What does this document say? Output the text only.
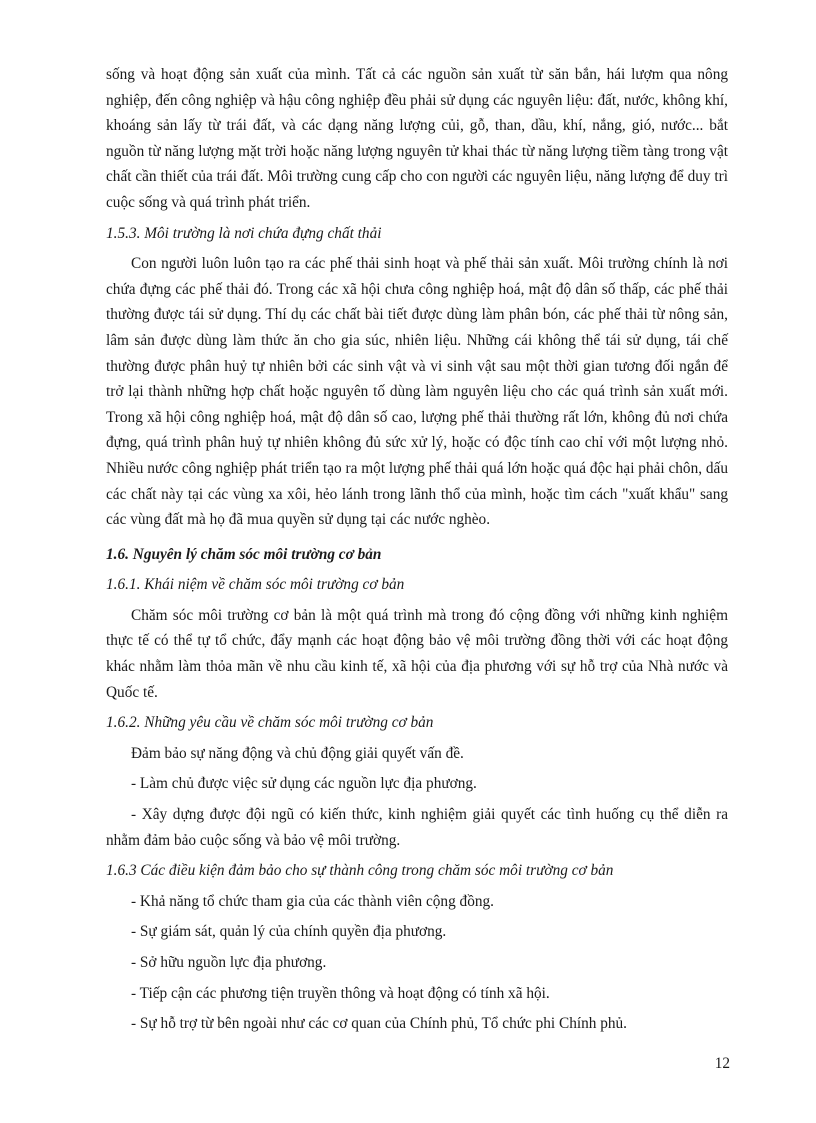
sống và hoạt động sản xuất của mình. Tất cả các nguồn sản xuất từ săn bắn, hái lượm qua nông nghiệp, đến công nghiệp và hậu công nghiệp đều phải sử dụng các nguyên liệu: đất, nước, không khí, khoáng sản lấy từ trái đất, và các dạng năng lượng củi, gỗ, than, dầu, khí, nắng, gió, nước... bắt nguồn từ năng lượng mặt trời hoặc năng lượng nguyên tử khai thác từ năng lượng tiềm tàng trong vật chất cần thiết của trái đất. Môi trường cung cấp cho con người các nguyên liệu, năng lượng để duy trì cuộc sống và quá trình phát triển.

1.5.3. Môi trường là nơi chứa đựng chất thải

Con người luôn luôn tạo ra các phế thải sinh hoạt và phế thải sản xuất. Môi trường chính là nơi chứa đựng các phế thải đó. Trong các xã hội chưa công nghiệp hoá, mật độ dân số thấp, các phế thải thường được tái sử dụng. Thí dụ các chất bài tiết được dùng làm phân bón, các phế thải từ nông sản, lâm sản được dùng làm thức ăn cho gia súc, nhiên liệu. Những cái không thể tái sử dụng, tái chế thường được phân huỷ tự nhiên bởi các sinh vật và vi sinh vật sau một thời gian tương đối ngắn để trở lại thành những hợp chất hoặc nguyên tố dùng làm nguyên liệu cho các quá trình sản xuất mới. Trong xã hội công nghiệp hoá, mật độ dân số cao, lượng phế thải thường rất lớn, không đủ nơi chứa đựng, quá trình phân huỷ tự nhiên không đủ sức xử lý, hoặc có độc tính cao chỉ với một lượng nhỏ. Nhiều nước công nghiệp phát triển tạo ra một lượng phế thải quá lớn hoặc quá độc hại phải chôn, dấu các chất này tại các vùng xa xôi, hẻo lánh trong lãnh thổ của mình, hoặc tìm cách "xuất khẩu" sang các vùng đất mà họ đã mua quyền sử dụng tại các nước nghèo.

1.6. Nguyên lý chăm sóc môi trường cơ bản

1.6.1. Khái niệm về chăm sóc môi trường cơ bản

Chăm sóc môi trường cơ bản là một quá trình mà trong đó cộng đồng với những kinh nghiệm thực tế có thể tự tổ chức, đẩy mạnh các hoạt động bảo vệ môi trường đồng thời với các hoạt động khác nhằm làm thỏa mãn về nhu cầu kinh tế, xã hội của địa phương với sự hỗ trợ của Nhà nước và Quốc tế.

1.6.2. Những yêu cầu về chăm sóc môi trường cơ bản

Đảm bảo sự năng động và chủ động giải quyết vấn đề.

- Làm chủ được việc sử dụng các nguồn lực địa phương.

- Xây dựng được đội ngũ có kiến thức, kinh nghiệm giải quyết các tình huống cụ thể diễn ra nhằm đảm bảo cuộc sống và bảo vệ môi trường.

1.6.3 Các điều kiện đảm bảo cho sự thành công trong chăm sóc môi trường cơ bản

- Khả năng tổ chức tham gia của các thành viên cộng đồng.

- Sự giám sát, quản lý của chính quyền địa phương.

- Sở hữu nguồn lực địa phương.

- Tiếp cận các phương tiện truyền thông và hoạt động có tính xã hội.

- Sự hỗ trợ từ bên ngoài như các cơ quan của Chính phủ, Tổ chức phi Chính phủ.

12
